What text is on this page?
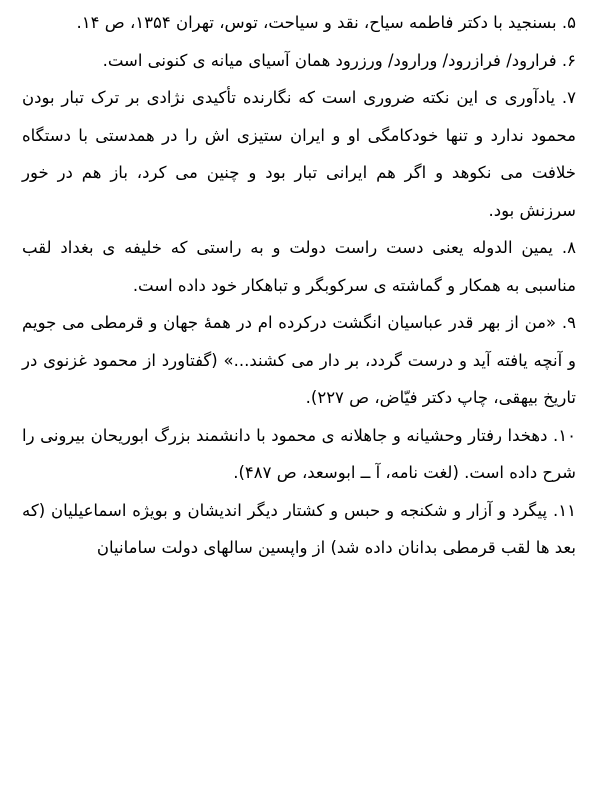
۵. بسنجید با دکتر فاطمه سیاح، نقد و سیاحت، توس، تهران ۱۳۵۴، ص ۱۴.

۶. فرارود/ فرازرود/ ورارود/ ورزرود همان آسیای میانه ی کنونی است.

۷. یادآوری ی این نکته ضروری است که نگارنده تأکیدی نژادی بر ترک تبار بودن محمود ندارد و تنها خودکامگی او و ایران ستیزی اش را در همدستی با دستگاه خلافت می نکوهد و اگر هم ایرانی تبار بود و چنین می کرد، باز هم در خور سرزنش بود.

۸. یمین الدوله یعنی دست راست دولت و به راستی که خلیفه ی بغداد لقب مناسبی به همکار و گماشته ی سرکوبگر و تباهکار خود داده است.

۹. «من از بهر قدر عباسیان انگشت درکرده ام در همهٔ جهان و قرمطی می جویم و آنچه یافته آید و درست گردد، بر دار می کشند...» (گفتاورد از محمود غزنوی در تاریخ بیهقی، چاپ دکتر فیّاض، ص ۲۲۷).

۱۰. دهخدا رفتار وحشیانه و جاهلانه ی محمود با دانشمند بزرگ ابوریحان بیرونی را شرح داده است. (لغت نامه، آ ــ ابوسعد، ص ۴۸۷).

۱۱. پیگرد و آزار و شکنجه و حبس و کشتار دیگر اندیشان و بویژه اسماعیلیان (که بعد ها لقب قرمطی بدانان داده شد) از واپسین سالهای دولت سامانیان
